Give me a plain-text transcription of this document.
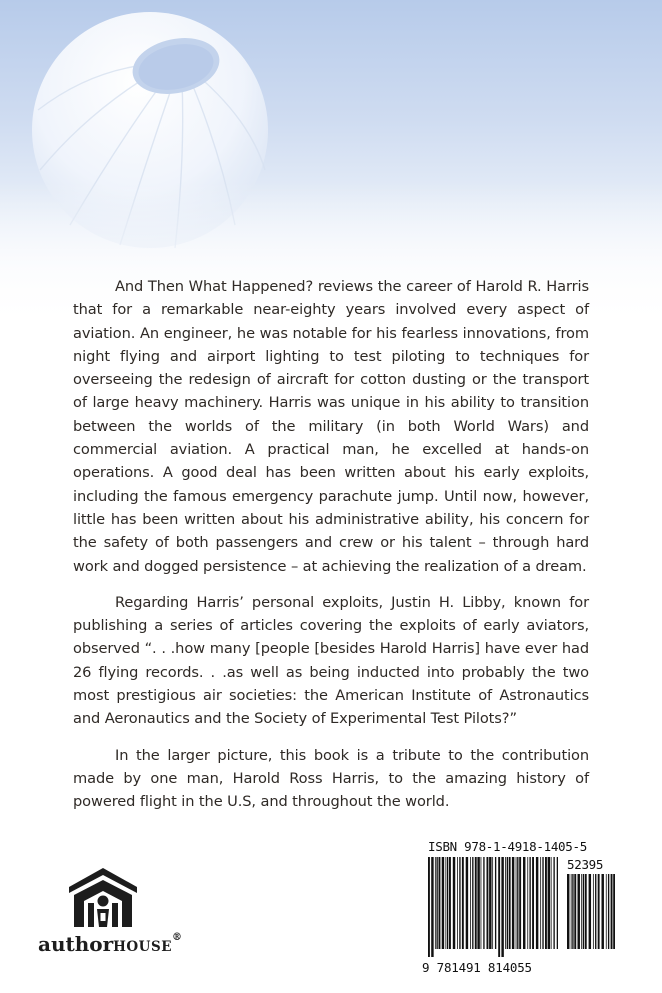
And Then What Happened? reviews the career of Harold R. Harris that for a remarkable near-eighty years involved every aspect of aviation. An engineer, he was notable for his fearless innovations, from night flying and airport lighting to test piloting to techniques for overseeing the redesign of aircraft for cotton dusting or the transport of large heavy machinery. Harris was unique in his ability to transition between the worlds of the military (in both World Wars) and commercial aviation. A practical man, he excelled at hands-on operations. A good deal has been written about his early exploits, including the famous emergency parachute jump. Until now, however, little has been written about his administrative ability, his concern for the safety of both passengers and crew or his talent – through hard work and dogged persistence – at achieving the realization of a dream.

Regarding Harris’ personal exploits, Justin H. Libby, known for publishing a series of articles covering the exploits of early aviators, observed “. . .how many [people [besides Harold Harris] have ever had 26 flying records. . .as well as being inducted into probably the two most prestigious air societies: the American Institute of Astronautics and Aeronautics and the Society of Experimental Test Pilots?”

In the larger picture, this book is a tribute to the contribution made by one man, Harold Ross Harris, to the amazing history of powered flight in the U.S, and throughout the world.

authorHOUSE®
ISBN 978-1-4918-1405-5
52395
9 781491 814055
